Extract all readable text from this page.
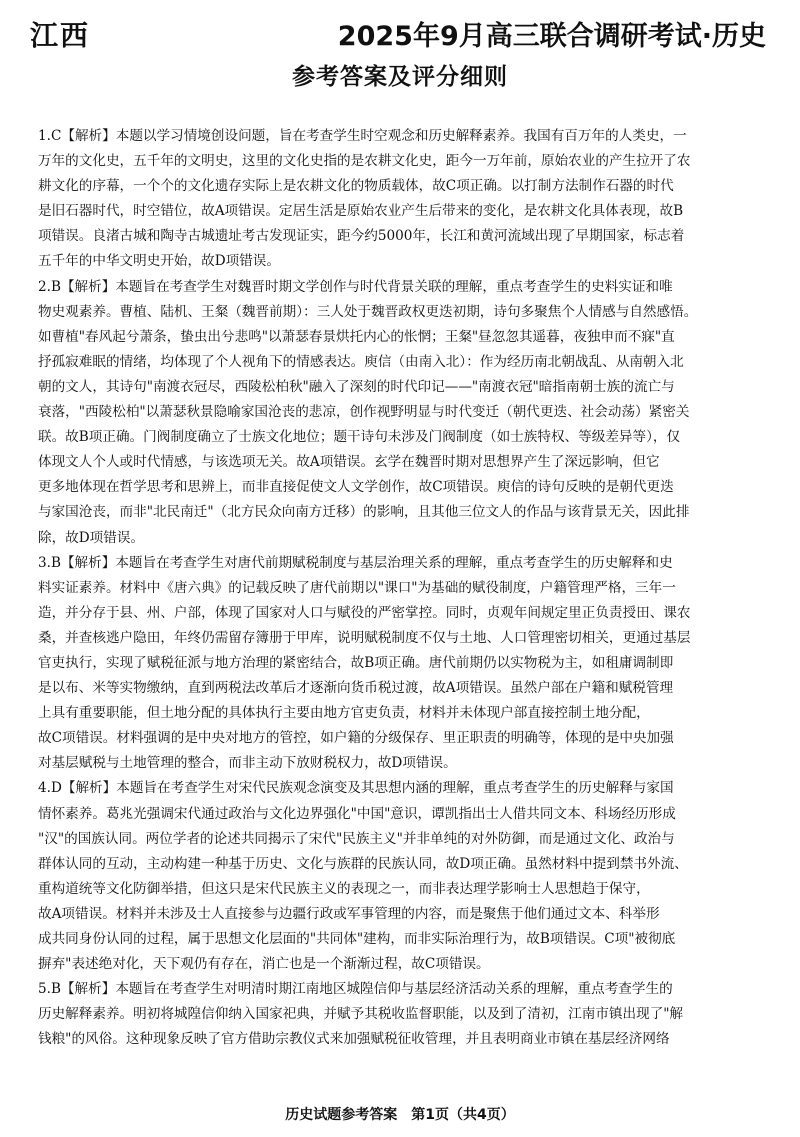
江西	2025年9月高三联合调研考试·历史
参考答案及评分细则
1.C【解析】本题以学习情境创设问题，旨在考查学生时空观念和历史解释素养。我国有百万年的人类史，一
万年的文化史，五千年的文明史，这里的文化史指的是农耕文化史，距今一万年前，原始农业的产生拉开了农
耕文化的序幕，一个个的文化遗存实际上是农耕文化的物质载体，故C项正确。以打制方法制作石器的时代
是旧石器时代，时空错位，故A项错误。定居生活是原始农业产生后带来的变化，是农耕文化具体表现，故B
项错误。良渚古城和陶寺古城遗址考古发现证实，距今约5000年，长江和黄河流域出现了早期国家，标志着
五千年的中华文明史开始，故D项错误。
2.B【解析】本题旨在考查学生对魏晋时期文学创作与时代背景关联的理解，重点考查学生的史料实证和唯
物史观素养。曹植、陆机、王粲（魏晋前期）：三人处于魏晋政权更迭初期，诗句多聚焦个人情感与自然感悟。
如曹植"春风起兮萧条，蛰虫出兮悲鸣"以萧瑟春景烘托内心的怅惘；王粲"昼忽忽其遥暮，夜独申而不寐"直
抒孤寂难眠的情绪，均体现了个人视角下的情感表达。庾信（由南入北）：作为经历南北朝战乱、从南朝入北
朝的文人，其诗句"南渡衣冠尽，西陵松柏秋"融入了深刻的时代印记——"南渡衣冠"暗指南朝士族的流亡与
衰落，"西陵松柏"以萧瑟秋景隐喻家国沧丧的悲凉，创作视野明显与时代变迁（朝代更迭、社会动荡）紧密关
联。故B项正确。门阀制度确立了士族文化地位；题干诗句未涉及门阀制度（如士族特权、等级差异等），仅
体现文人个人或时代情感，与该选项无关。故A项错误。玄学在魏晋时期对思想界产生了深远影响，但它
更多地体现在哲学思考和思辨上，而非直接促使文人文学创作，故C项错误。庾信的诗句反映的是朝代更迭
与家国沧丧，而非"北民南迁"（北方民众向南方迁移）的影响，且其他三位文人的作品与该背景无关，因此排
除，故D项错误。
3.B【解析】本题旨在考查学生对唐代前期赋税制度与基层治理关系的理解，重点考查学生的历史解释和史
料实证素养。材料中《唐六典》的记载反映了唐代前期以"课口"为基础的赋役制度，户籍管理严格，三年一
造，并分存于县、州、户部，体现了国家对人口与赋役的严密掌控。同时，贞观年间规定里正负责授田、课农
桑，并查核逃户隐田，年终仍需留存簿册于甲库，说明赋税制度不仅与土地、人口管理密切相关，更通过基层
官吏执行，实现了赋税征派与地方治理的紧密结合，故B项正确。唐代前期仍以实物税为主，如租庸调制即
是以布、米等实物缴纳，直到两税法改革后才逐渐向货币税过渡，故A项错误。虽然户部在户籍和赋税管理
上具有重要职能，但土地分配的具体执行主要由地方官吏负责，材料并未体现户部直接控制土地分配，
故C项错误。材料强调的是中央对地方的管控，如户籍的分级保存、里正职责的明确等，体现的是中央加强
对基层赋税与土地管理的整合，而非主动下放财税权力，故D项错误。
4.D【解析】本题旨在考查学生对宋代民族观念演变及其思想内涵的理解，重点考查学生的历史解释与家国
情怀素养。葛兆光强调宋代通过政治与文化边界强化"中国"意识，谭凯指出士人借共同文本、科场经历形成
"汉"的国族认同。两位学者的论述共同揭示了宋代"民族主义"并非单纯的对外防御，而是通过文化、政治与
群体认同的互动，主动构建一种基于历史、文化与族群的民族认同，故D项正确。虽然材料中提到禁书外流、
重构道统等文化防御举措，但这只是宋代民族主义的表现之一，而非表达理学影响士人思想趋于保守，
故A项错误。材料并未涉及士人直接参与边疆行政或军事管理的内容，而是聚焦于他们通过文本、科举形
成共同身份认同的过程，属于思想文化层面的"共同体"建构，而非实际治理行为，故B项错误。C项"被彻底
摒弃"表述绝对化，天下观仍有存在，消亡也是一个渐渐过程，故C项错误。
5.B【解析】本题旨在考查学生对明清时期江南地区城隍信仰与基层经济活动关系的理解，重点考查学生的
历史解释素养。明初将城隍信仰纳入国家祀典，并赋予其税收监督职能，以及到了清初，江南市镇出现了"解
钱粮"的风俗。这种现象反映了官方借助宗教仪式来加强赋税征收管理，并且表明商业市镇在基层经济网络
历史试题参考答案　第1页（共4页）
